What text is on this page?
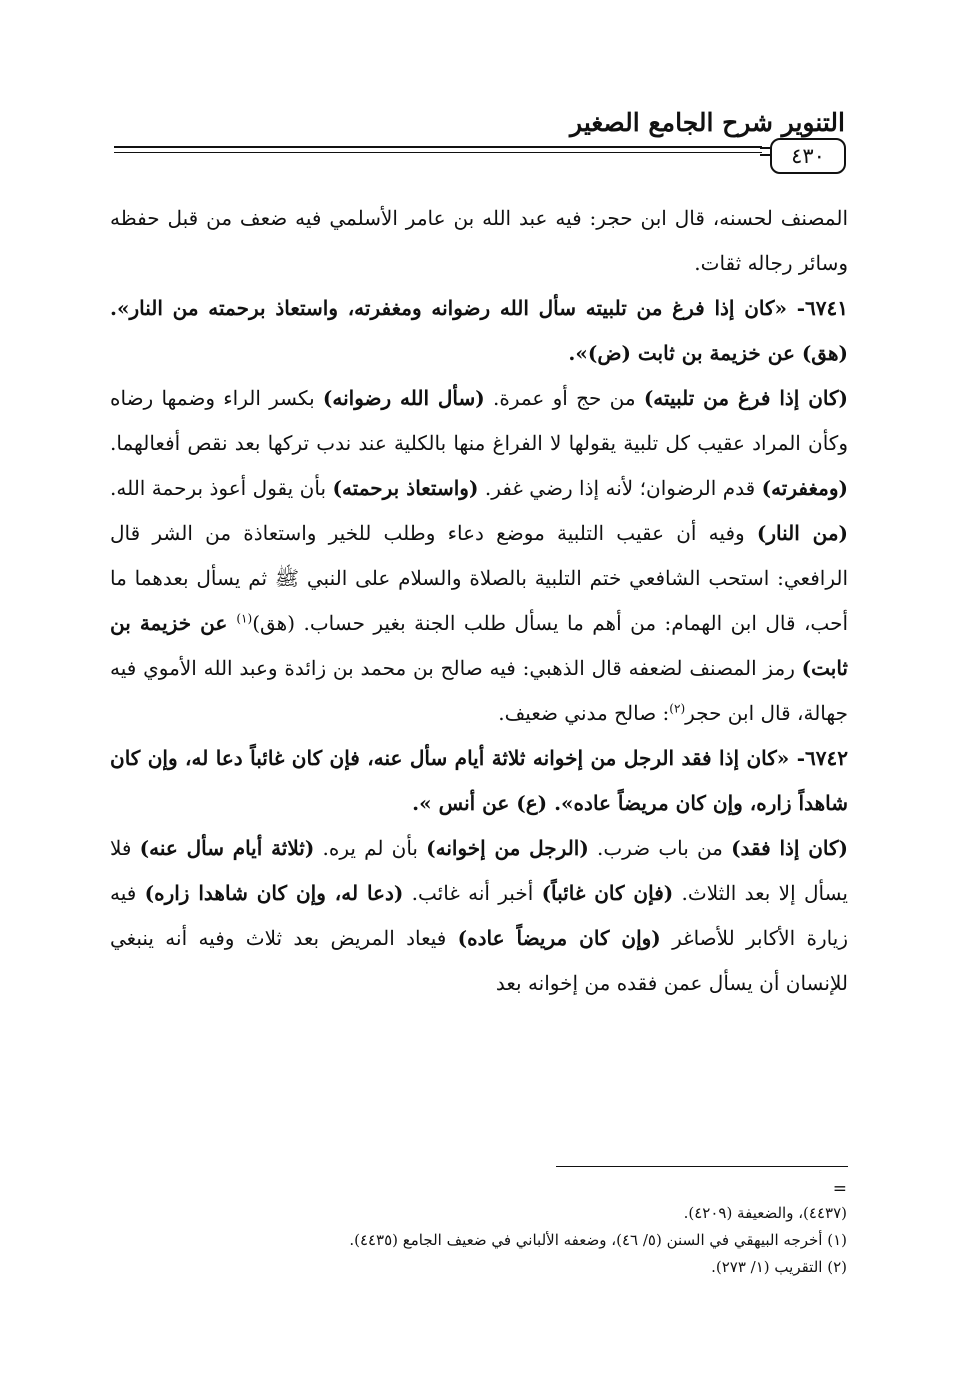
التنوير شرح الجامع الصغير
٤٣٠

المصنف لحسنه، قال ابن حجر: فيه عبد الله بن عامر الأسلمي فيه ضعف من قبل حفظه وسائر رجاله ثقات.

٦٧٤١- «كان إذا فرغ من تلبيته سأل الله رضوانه ومغفرته، واستعاذ برحمته من النار». (هق) عن خزيمة بن ثابت (ض)».

(كان إذا فرغ من تلبيته) من حج أو عمرة. (سأل الله رضوانه) بكسر الراء وضمها رضاه وكأن المراد عقيب كل تلبية يقولها لا الفراغ منها بالكلية عند ندب تركها بعد نقص أفعالهما. (ومغفرته) قدم الرضوان؛ لأنه إذا رضي غفر. (واستعاذ برحمته) بأن يقول أعوذ برحمة الله. (من النار) وفيه أن عقيب التلبية موضع دعاء وطلب للخير واستعاذة من الشر قال الرافعي: استحب الشافعي ختم التلبية بالصلاة والسلام على النبي ﷺ ثم يسأل بعدهما ما أحب، قال ابن الهمام: من أهم ما يسأل طلب الجنة بغير حساب. (هق)$^{(١)}$ عن خزيمة بن ثابت) رمز المصنف لضعفه قال الذهبي: فيه صالح بن محمد بن زائدة وعبد الله الأموي فيه جهالة، قال ابن حجر$^{(٢)}$: صالح مدني ضعيف.

٦٧٤٢- «كان إذا فقد الرجل من إخوانه ثلاثة أيام سأل عنه، فإن كان غائباً دعا له، وإن كان شاهداً زاره، وإن كان مريضاً عاده». (ع) عن أنس ».

(كان إذا فقد) من باب ضرب. (الرجل من إخوانه) بأن لم يره. (ثلاثة أيام سأل عنه) فلا يسأل إلا بعد الثلاث. (فإن كان غائباً) أخبر أنه غائب. (دعا له، وإن كان شاهدا زاره) فيه زيارة الأكابر للأصاغر (وإن كان مريضاً عاده) فيعاد المريض بعد ثلاث وفيه أنه ينبغي للإنسان أن يسأل عمن فقده من إخوانه بعد

=

(٤٤٣٧)، والضعيفة (٤٢٠٩).

(١) أخرجه البيهقي في السنن (٥/ ٤٦)، وضعفه الألباني في ضعيف الجامع (٤٤٣٥).

(٢) التقريب (١/ ٢٧٣).
